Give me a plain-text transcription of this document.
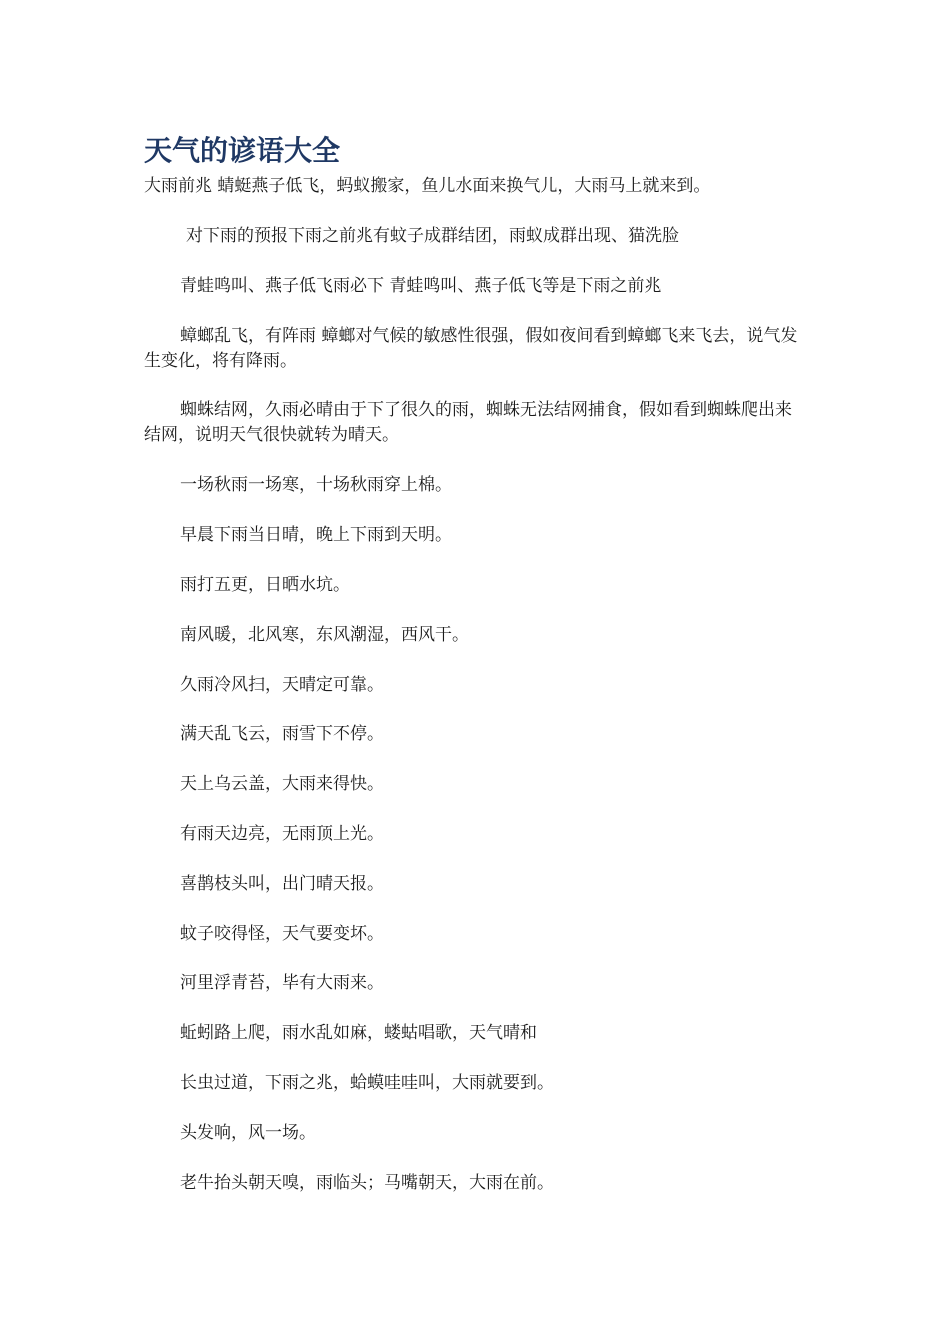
天气的谚语大全
大雨前兆 蜻蜓燕子低飞，蚂蚁搬家，鱼儿水面来换气儿，大雨马上就来到。
对下雨的预报下雨之前兆有蚊子成群结团，雨蚁成群出现、猫洗脸
青蛙鸣叫、燕子低飞雨必下 青蛙鸣叫、燕子低飞等是下雨之前兆
蟑螂乱飞，有阵雨 蟑螂对气候的敏感性很强，假如夜间看到蟑螂飞来飞去，说气发生变化，将有降雨。
蜘蛛结网，久雨必晴由于下了很久的雨，蜘蛛无法结网捕食，假如看到蜘蛛爬出来结网，说明天气很快就转为晴天。
一场秋雨一场寒，十场秋雨穿上棉。
早晨下雨当日晴，晚上下雨到天明。
雨打五更，日晒水坑。
南风暖，北风寒，东风潮湿，西风干。
久雨冷风扫，天晴定可靠。
满天乱飞云，雨雪下不停。
天上乌云盖，大雨来得快。
有雨天边亮，无雨顶上光。
喜鹊枝头叫，出门晴天报。
蚊子咬得怪，天气要变坏。
河里浮青苔，毕有大雨来。
蚯蚓路上爬，雨水乱如麻，蝼蛄唱歌，天气晴和
长虫过道，下雨之兆，蛤蟆哇哇叫，大雨就要到。
头发响，风一场。
老牛抬头朝天嗅，雨临头；马嘴朝天，大雨在前。
